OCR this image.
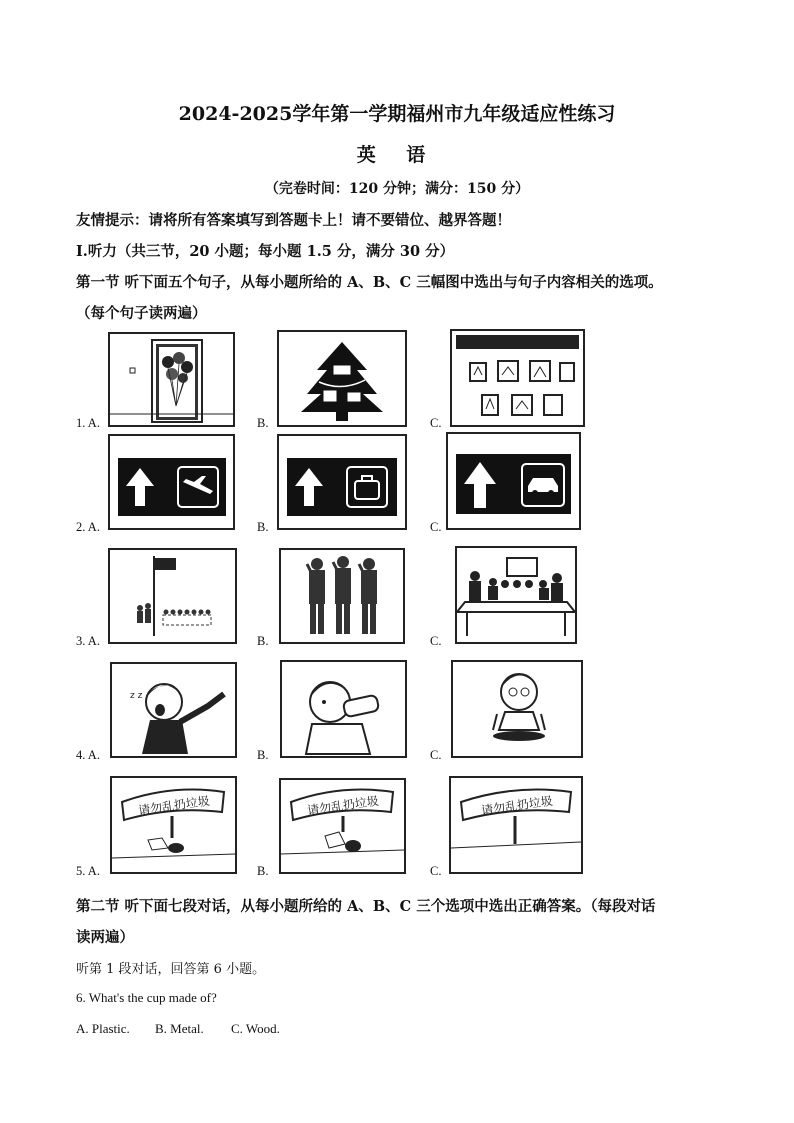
2024-2025学年第一学期福州市九年级适应性练习
英 语
（完卷时间：120 分钟；满分：150 分）
友情提示：请将所有答案填写到答题卡上！请不要错位、越界答题！
Ⅰ.听力（共三节，20 小题；每小题 1.5 分，满分 30 分）
第一节 听下面五个句子，从每小题所给的 A、B、C 三幅图中选出与句子内容相关的选项。
（每个句子读两遍）
1. A.	B.	C.
2. A.	B.	C.
3. A.	B.	C.
4. A.	B.	C.
z z
5. A.	B.	C.
请勿乱扔垃圾	请勿乱扔垃圾	请勿乱扔垃圾
第二节 听下面七段对话，从每小题所给的 A、B、C 三个选项中选出正确答案。（每段对话
读两遍）
听第 1 段对话，回答第 6 小题。
6. What's the cup made of?
A. Plastic. B. Metal. C. Wood.
